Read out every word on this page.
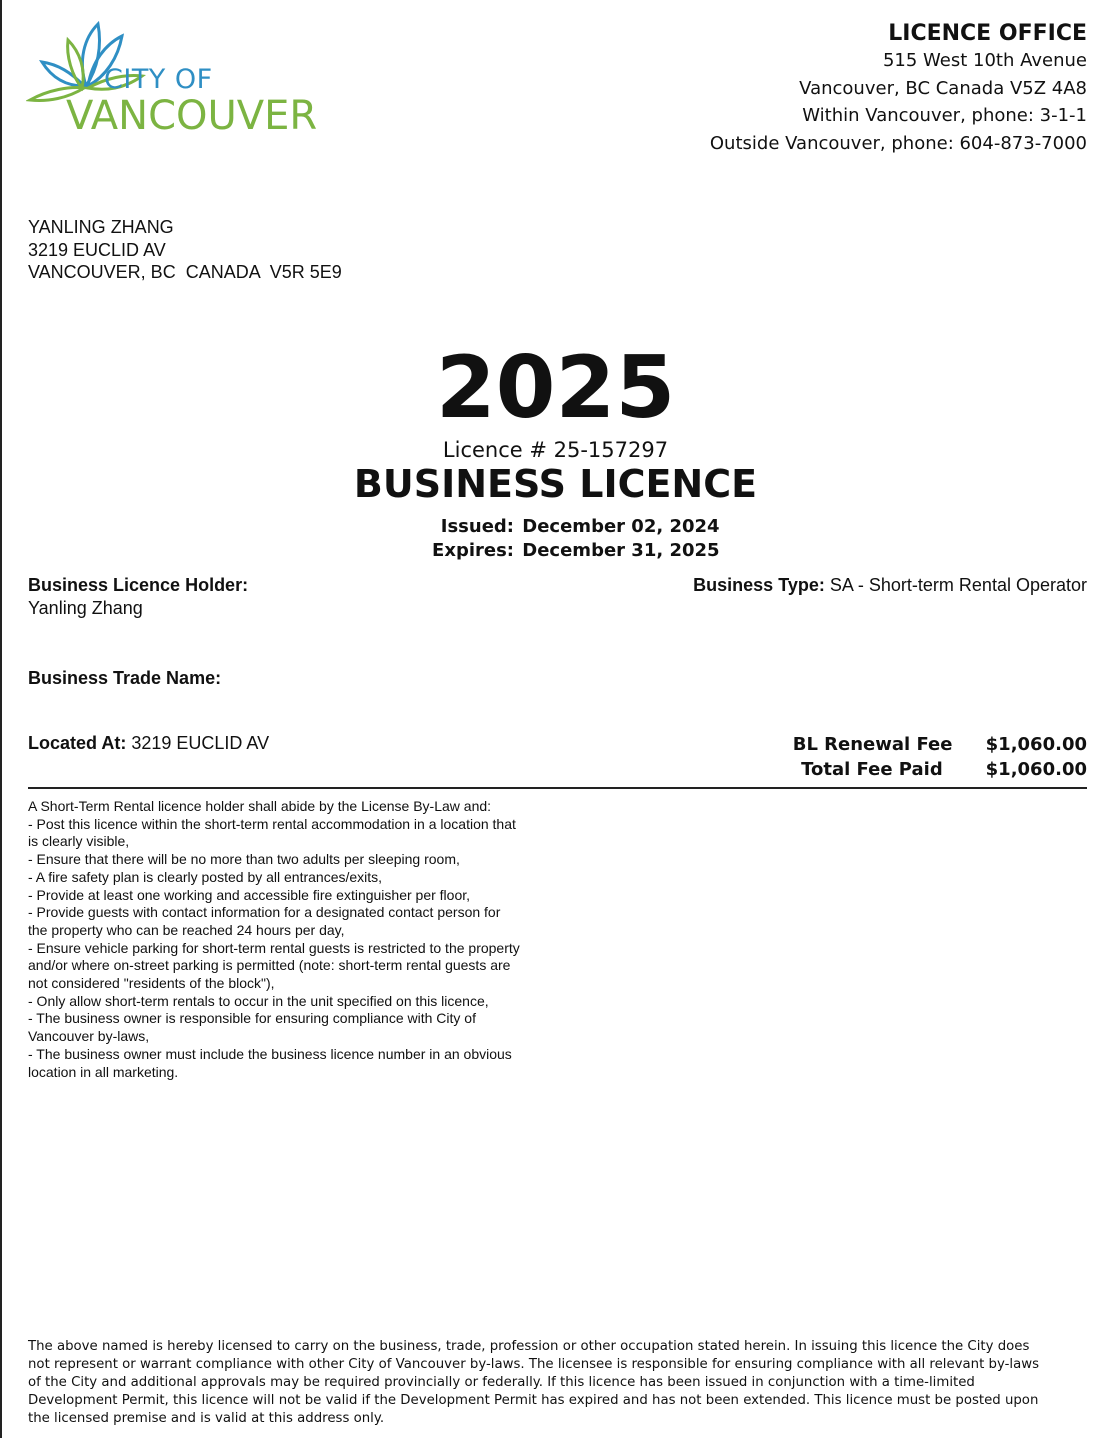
CITY OF
VANCOUVER
LICENCE OFFICE
515 West 10th Avenue
Vancouver, BC Canada V5Z 4A8
Within Vancouver, phone: 3-1-1
Outside Vancouver, phone: 604-873-7000
YANLING ZHANG
3219 EUCLID AV
VANCOUVER, BC  CANADA  V5R 5E9
2025
Licence # 25-157297
BUSINESS LICENCE
Issued: December 02, 2024
Expires: December 31, 2025
Business Licence Holder:
Yanling Zhang
Business Type: SA - Short-term Rental Operator
Business Trade Name:
Located At: 3219 EUCLID AV	BL Renewal Fee $1,060.00
Total Fee Paid $1,060.00
A Short-Term Rental licence holder shall abide by the License By-Law and:
- Post this licence within the short-term rental accommodation in a location that
is clearly visible,
- Ensure that there will be no more than two adults per sleeping room,
- A fire safety plan is clearly posted by all entrances/exits,
- Provide at least one working and accessible fire extinguisher per floor,
- Provide guests with contact information for a designated contact person for
the property who can be reached 24 hours per day,
- Ensure vehicle parking for short-term rental guests is restricted to the property
and/or where on-street parking is permitted (note: short-term rental guests are
not considered "residents of the block"),
- Only allow short-term rentals to occur in the unit specified on this licence,
- The business owner is responsible for ensuring compliance with City of
Vancouver by-laws,
- The business owner must include the business licence number in an obvious
location in all marketing.
The above named is hereby licensed to carry on the business, trade, profession or other occupation stated herein. In issuing this licence the City does
not represent or warrant compliance with other City of Vancouver by-laws. The licensee is responsible for ensuring compliance with all relevant by-laws
of the City and additional approvals may be required provincially or federally. If this licence has been issued in conjunction with a time-limited
Development Permit, this licence will not be valid if the Development Permit has expired and has not been extended. This licence must be posted upon
the licensed premise and is valid at this address only.
